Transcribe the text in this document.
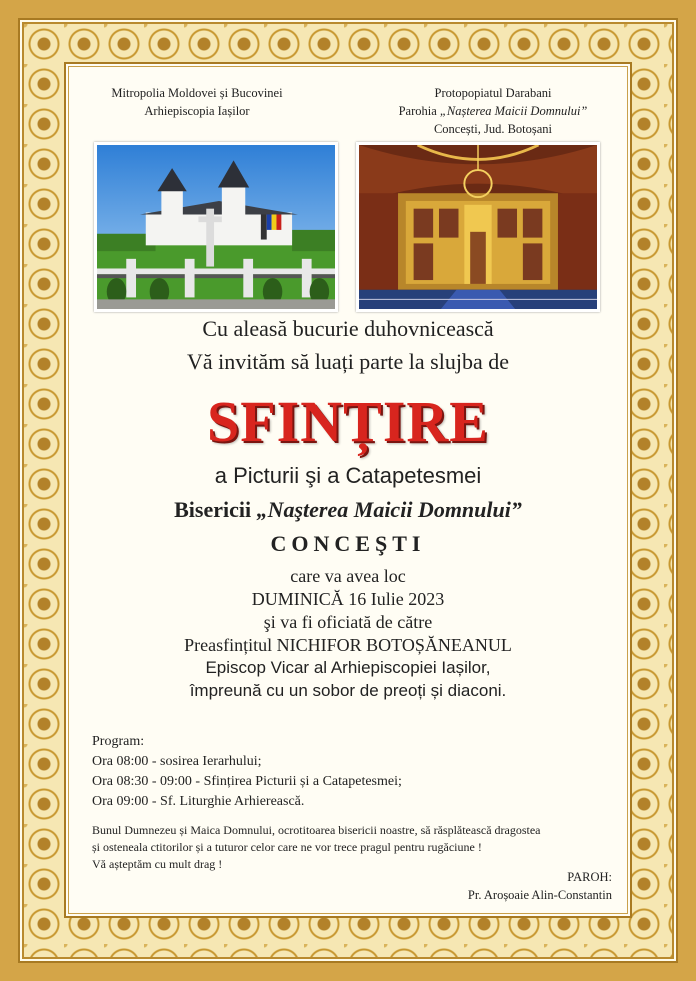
Mitropolia Moldovei și Bucovinei
Arhiepiscopia Iașilor
Protopopiatul Darabani
Parohia „Nașterea Maicii Domnului”
Concești, Jud. Botoșani
Cu aleasă bucurie duhovnicească
Vă invităm să luați parte la slujba de
SFINȚIRE
a Picturii şi a Catapetesmei
Bisericii „Naşterea Maicii Domnului”
CONCEŞTI
care va avea loc
DUMINICĂ 16 Iulie 2023
şi va fi oficiată de către
Preasfințitul NICHIFOR BOTOȘĂNEANUL
Episcop Vicar al Arhiepiscopiei Iașilor,
împreună cu un sobor de preoți și diaconi.
Program:
Ora 08:00 - sosirea Ierarhului;
Ora 08:30 - 09:00 - Sfințirea Picturii și a Catapetesmei;
Ora 09:00 - Sf. Liturghie Arhierească.
Bunul Dumnezeu și Maica Domnului, ocrotitoarea bisericii noastre, să răsplătească dragostea
și osteneala ctitorilor și a tuturor celor care ne vor trece pragul pentru rugăciune !
Vă așteptăm cu mult drag !
PAROH:
Pr. Aroșoaie Alin-Constantin
